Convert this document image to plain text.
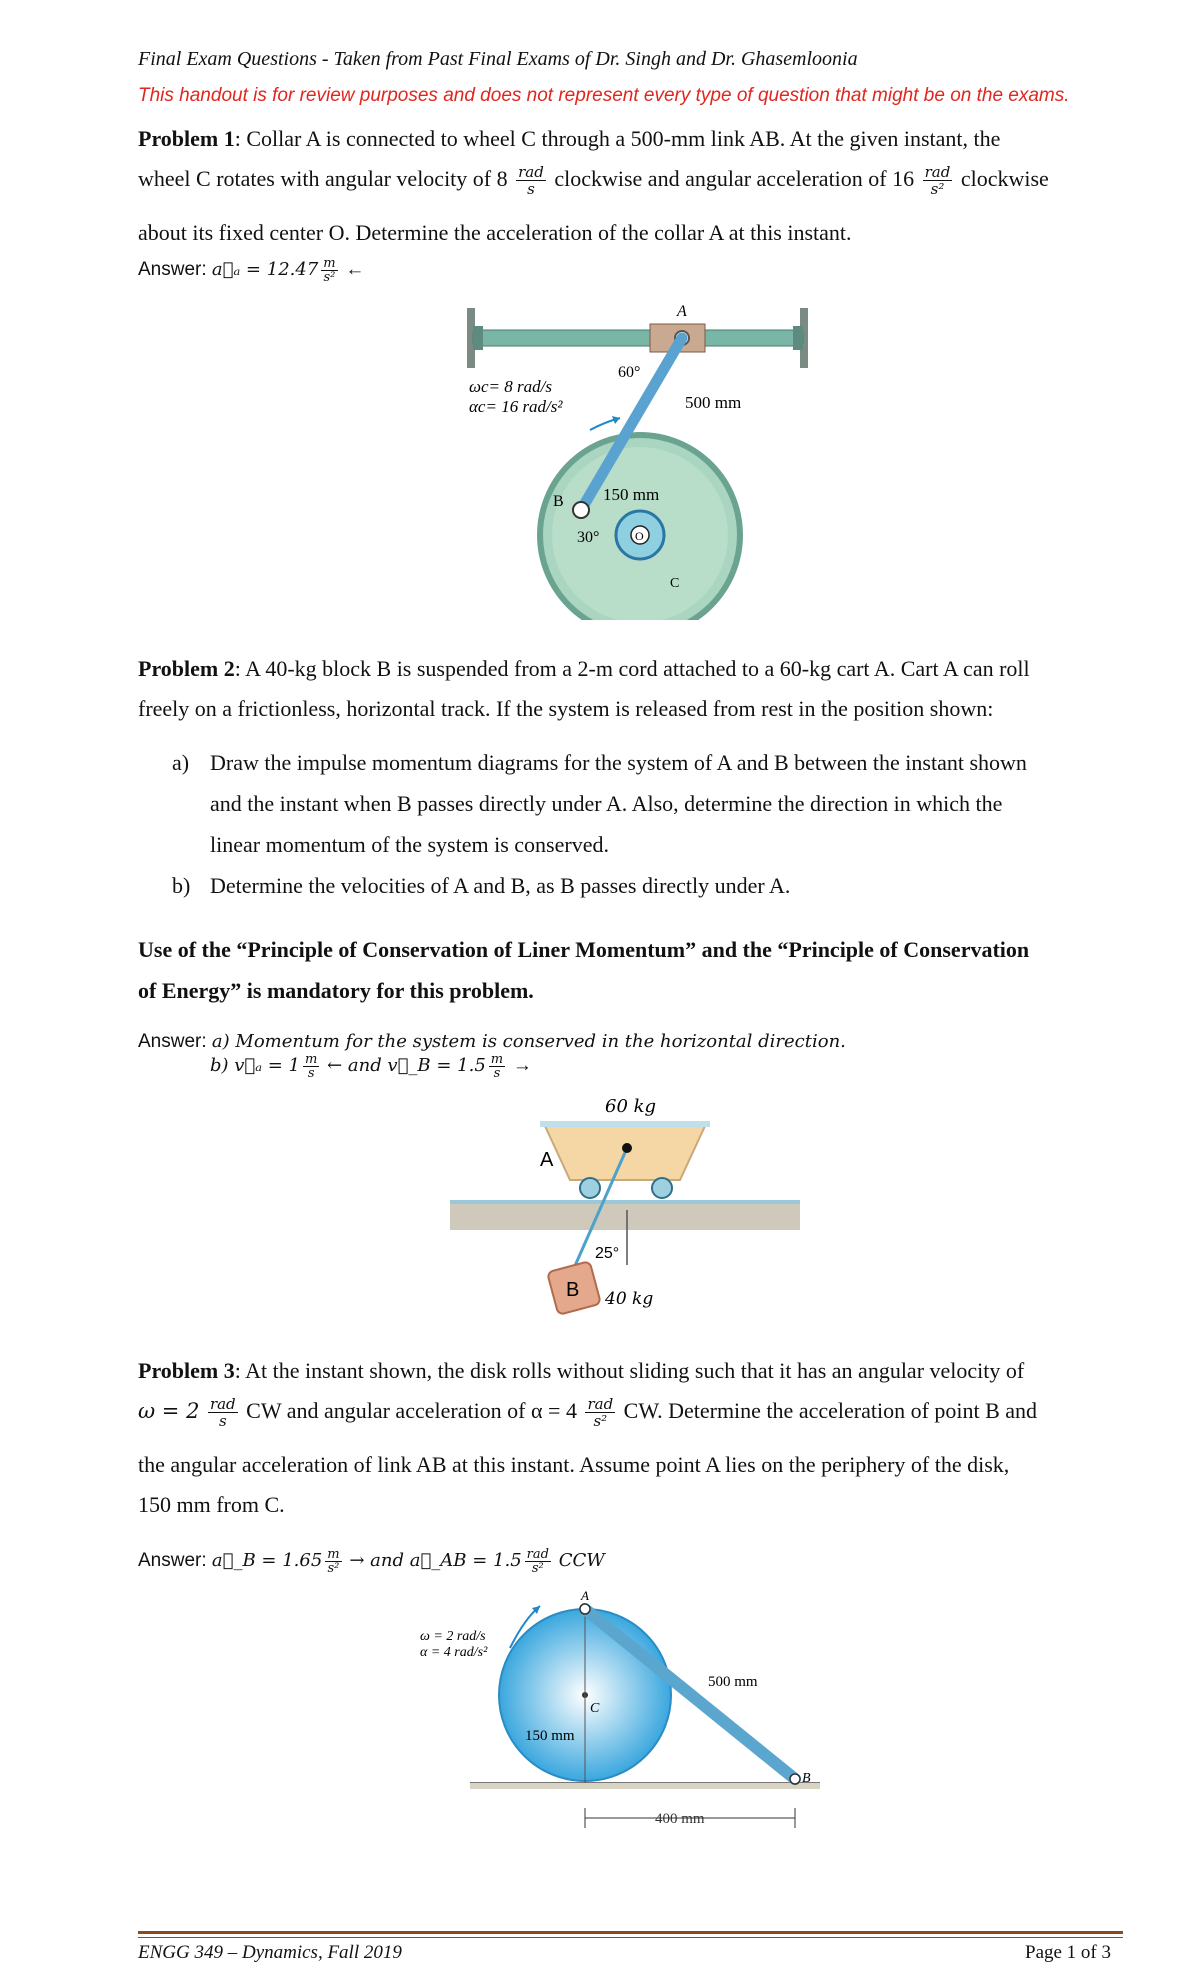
Final Exam Questions - Taken from Past Final Exams of Dr. Singh and Dr. Ghasemloonia
This handout is for review purposes and does not represent every type of question that might be on the exams.
Problem 1: Collar A is connected to wheel C through a 500-mm link AB. At the given instant, the
wheel C rotates with angular velocity of $8 \frac{\text{rad}}{s}$ clockwise and angular acceleration of $16 \frac{\text{rad}}{\text{s²}}$ clockwise
about its fixed center O. Determine the acceleration of the collar A at this instant.
Answer: a⃗ₐ = $12.47 \frac{m}{\text{s²}}$ ←
A
60°
500 mm
ωc= 8 rad/s
αc= 16 rad/s²
150 mm
B
30°	O
C
Problem 2: A 40-kg block B is suspended from a 2-m cord attached to a 60-kg cart A. Cart A can roll
freely on a frictionless, horizontal track. If the system is released from rest in the position shown:
a) Draw the impulse momentum diagrams for the system of A and B between the instant shown
and the instant when B passes directly under A. Also, determine the direction in which the
linear momentum of the system is conserved.
b) Determine the velocities of A and B, as B passes directly under A.
Use of the “Principle of Conservation of Liner Momentum” and the “Principle of Conservation
of Energy” is mandatory for this problem.
Answer: a) Momentum for the system is conserved in the horizontal direction.
b) v⃗ₐ = $1 \frac{m}{s}$ ← and v⃗_B = $1.5 \frac{m}{s}$ →
60 kg
A
25°
B 40 kg
Problem 3: At the instant shown, the disk rolls without sliding such that it has an angular velocity of
$\omega = 2 \frac{\text{rad}}{s}$ CW and angular acceleration of $\alpha = 4 \frac{\text{rad}}{\text{s²}}$ CW. Determine the acceleration of point B and
the angular acceleration of link AB at this instant. Assume point A lies on the periphery of the disk,
150 mm from C.
Answer: a⃗_B = $1.65 \frac{m}{\text{s²}}$ → and a⃗_AB = $1.5 \frac{\text{rad}}{\text{s²}}$ CCW
A
C
B
ω = 2 rad/s
α = 4 rad/s²
500 mm
150 mm
400 mm
ENGG 349 – Dynamics, Fall 2019	Page 1 of 3
